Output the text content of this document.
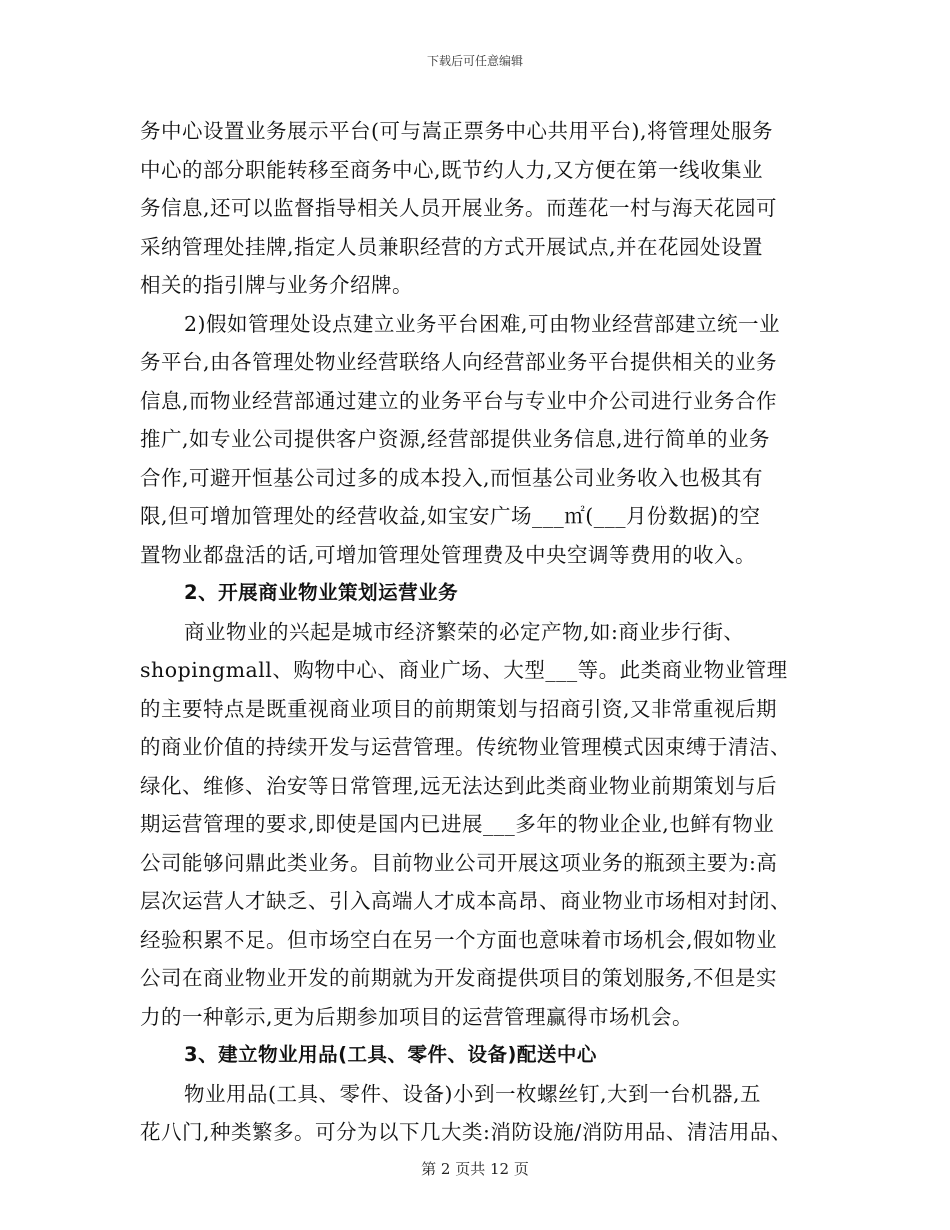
下载后可任意编辑
务中心设置业务展示平台(可与嵩正票务中心共用平台),将管理处服务
中心的部分职能转移至商务中心,既节约人力,又方便在第一线收集业
务信息,还可以监督指导相关人员开展业务。而莲花一村与海天花园可
采纳管理处挂牌,指定人员兼职经营的方式开展试点,并在花园处设置
相关的指引牌与业务介绍牌。
2)假如管理处设点建立业务平台困难,可由物业经营部建立统一业
务平台,由各管理处物业经营联络人向经营部业务平台提供相关的业务
信息,而物业经营部通过建立的业务平台与专业中介公司进行业务合作
推广,如专业公司提供客户资源,经营部提供业务信息,进行简单的业务
合作,可避开恒基公司过多的成本投入,而恒基公司业务收入也极其有
限,但可增加管理处的经营收益,如宝安广场___㎡(___月份数据)的空
置物业都盘活的话,可增加管理处管理费及中央空调等费用的收入。
2、开展商业物业策划运营业务
商业物业的兴起是城市经济繁荣的必定产物,如:商业步行街、
shopingmall、购物中心、商业广场、大型___等。此类商业物业管理
的主要特点是既重视商业项目的前期策划与招商引资,又非常重视后期
的商业价值的持续开发与运营管理。传统物业管理模式因束缚于清洁、
绿化、维修、治安等日常管理,远无法达到此类商业物业前期策划与后
期运营管理的要求,即使是国内已进展___多年的物业企业,也鲜有物业
公司能够问鼎此类业务。目前物业公司开展这项业务的瓶颈主要为:高
层次运营人才缺乏、引入高端人才成本高昂、商业物业市场相对封闭、
经验积累不足。但市场空白在另一个方面也意味着市场机会,假如物业
公司在商业物业开发的前期就为开发商提供项目的策划服务,不但是实
力的一种彰示,更为后期参加项目的运营管理赢得市场机会。
3、建立物业用品(工具、零件、设备)配送中心
物业用品(工具、零件、设备)小到一枚螺丝钉,大到一台机器,五
花八门,种类繁多。可分为以下几大类:消防设施/消防用品、清洁用品、
第 2 页共 12 页
